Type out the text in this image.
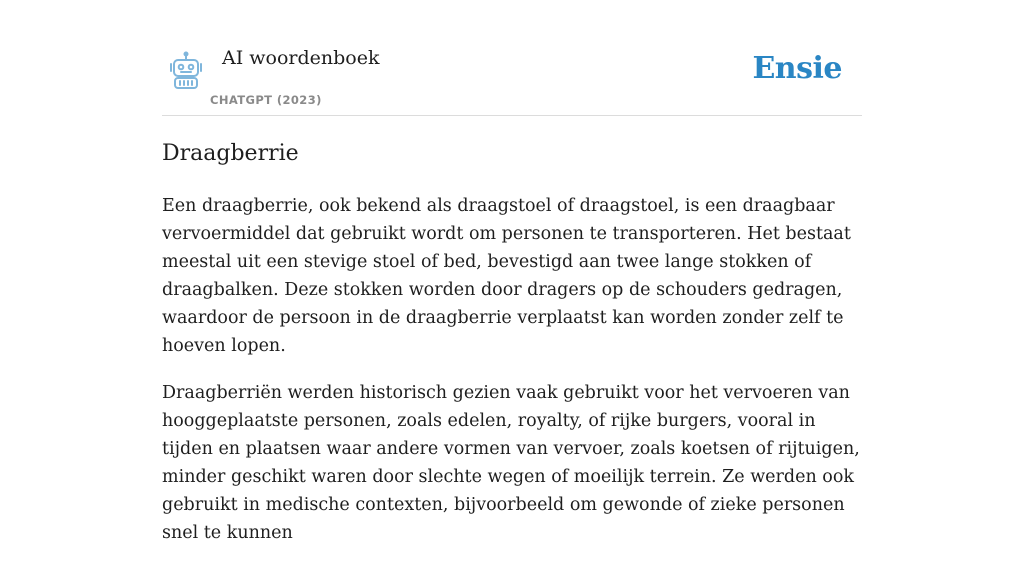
AI woordenboek
CHATGPT (2023)
Ensie
Draagberrie

Een draagberrie, ook bekend als draagstoel of draagstoel, is een draagbaar vervoermiddel dat gebruikt wordt om personen te transporteren. Het bestaat meestal uit een stevige stoel of bed, bevestigd aan twee lange stokken of draagbalken. Deze stokken worden door dragers op de schouders gedragen, waardoor de persoon in de draagberrie verplaatst kan worden zonder zelf te hoeven lopen.

Draagberriën werden historisch gezien vaak gebruikt voor het vervoeren van hooggeplaatste personen, zoals edelen, royalty, of rijke burgers, vooral in tijden en plaatsen waar andere vormen van vervoer, zoals koetsen of rijtuigen, minder geschikt waren door slechte wegen of moeilijk terrein. Ze werden ook gebruikt in medische contexten, bijvoorbeeld om gewonde of zieke personen snel te kunnen
